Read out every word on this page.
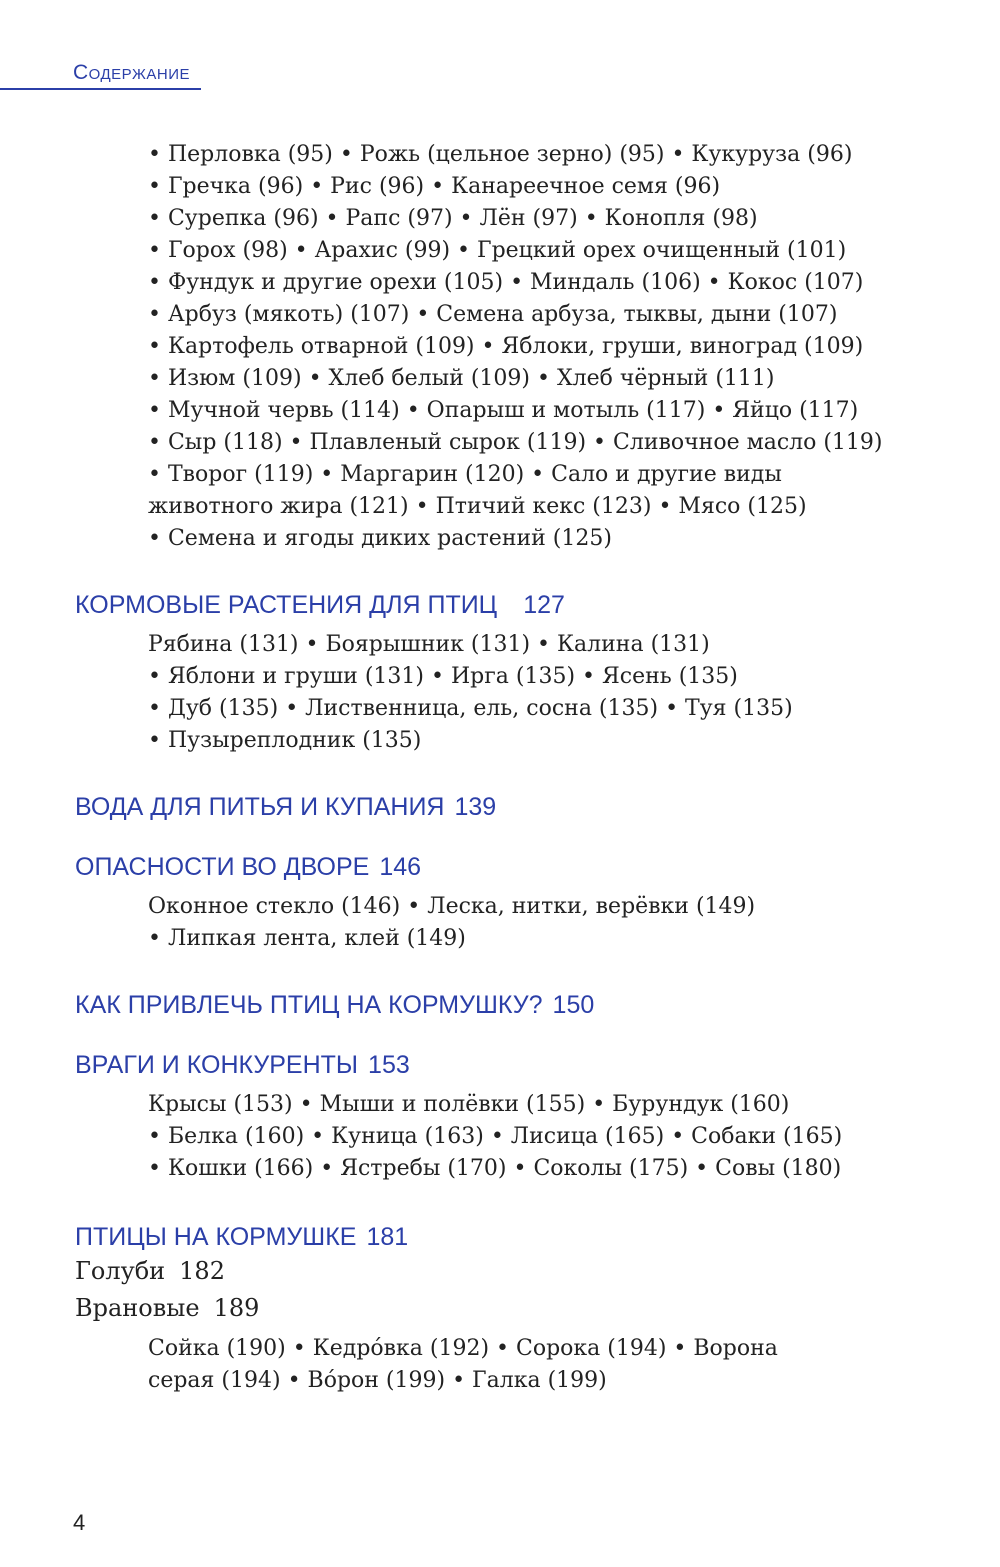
Содержание

• Перловка (95) • Рожь (цельное зерно) (95) • Кукуруза (96)

• Гречка (96) • Рис (96) • Канареечное семя (96)

• Сурепка (96) • Рапс (97) • Лён (97) • Конопля (98)

• Горох (98) • Арахис (99) • Грецкий орех очищенный (101)

• Фундук и другие орехи (105) • Миндаль (106) • Кокос (107)

• Арбуз (мякоть) (107) • Семена арбуза, тыквы, дыни (107)

• Картофель отварной (109) • Яблоки, груши, виноград (109)

• Изюм (109) • Хлеб белый (109) • Хлеб чёрный (111)

• Мучной червь (114) • Опарыш и мотыль (117) • Яйцо (117)

• Сыр (118) • Плавленый сырок (119) • Сливочное масло (119)

• Творог (119) • Маргарин (120) • Сало и другие виды

животного жира (121) • Птичий кекс (123) • Мясо (125)

• Семена и ягоды диких растений (125)

КОРМОВЫЕ РАСТЕНИЯ ДЛЯ ПТИЦ 127

Рябина (131) • Боярышник (131) • Калина (131)

• Яблони и груши (131) • Ирга (135) • Ясень (135)

• Дуб (135) • Лиственница, ель, сосна (135) • Туя (135)

• Пузыреплодник (135)

ВОДА ДЛЯ ПИТЬЯ И КУПАНИЯ 139

ОПАСНОСТИ ВО ДВОРЕ 146

Оконное стекло (146) • Леска, нитки, верёвки (149)

• Липкая лента, клей (149)

КАК ПРИВЛЕЧЬ ПТИЦ НА КОРМУШКУ? 150

ВРАГИ И КОНКУРЕНТЫ 153

Крысы (153) • Мыши и полёвки (155) • Бурундук (160)

• Белка (160) • Куница (163) • Лисица (165) • Собаки (165)

• Кошки (166) • Ястребы (170) • Соколы (175) • Совы (180)

ПТИЦЫ НА КОРМУШКЕ 181

Голуби 182

Врановые 189

Сойка (190) • Кедрóвка (192) • Сорока (194) • Ворона

серая (194) • Вóрон (199) • Галка (199)

4
